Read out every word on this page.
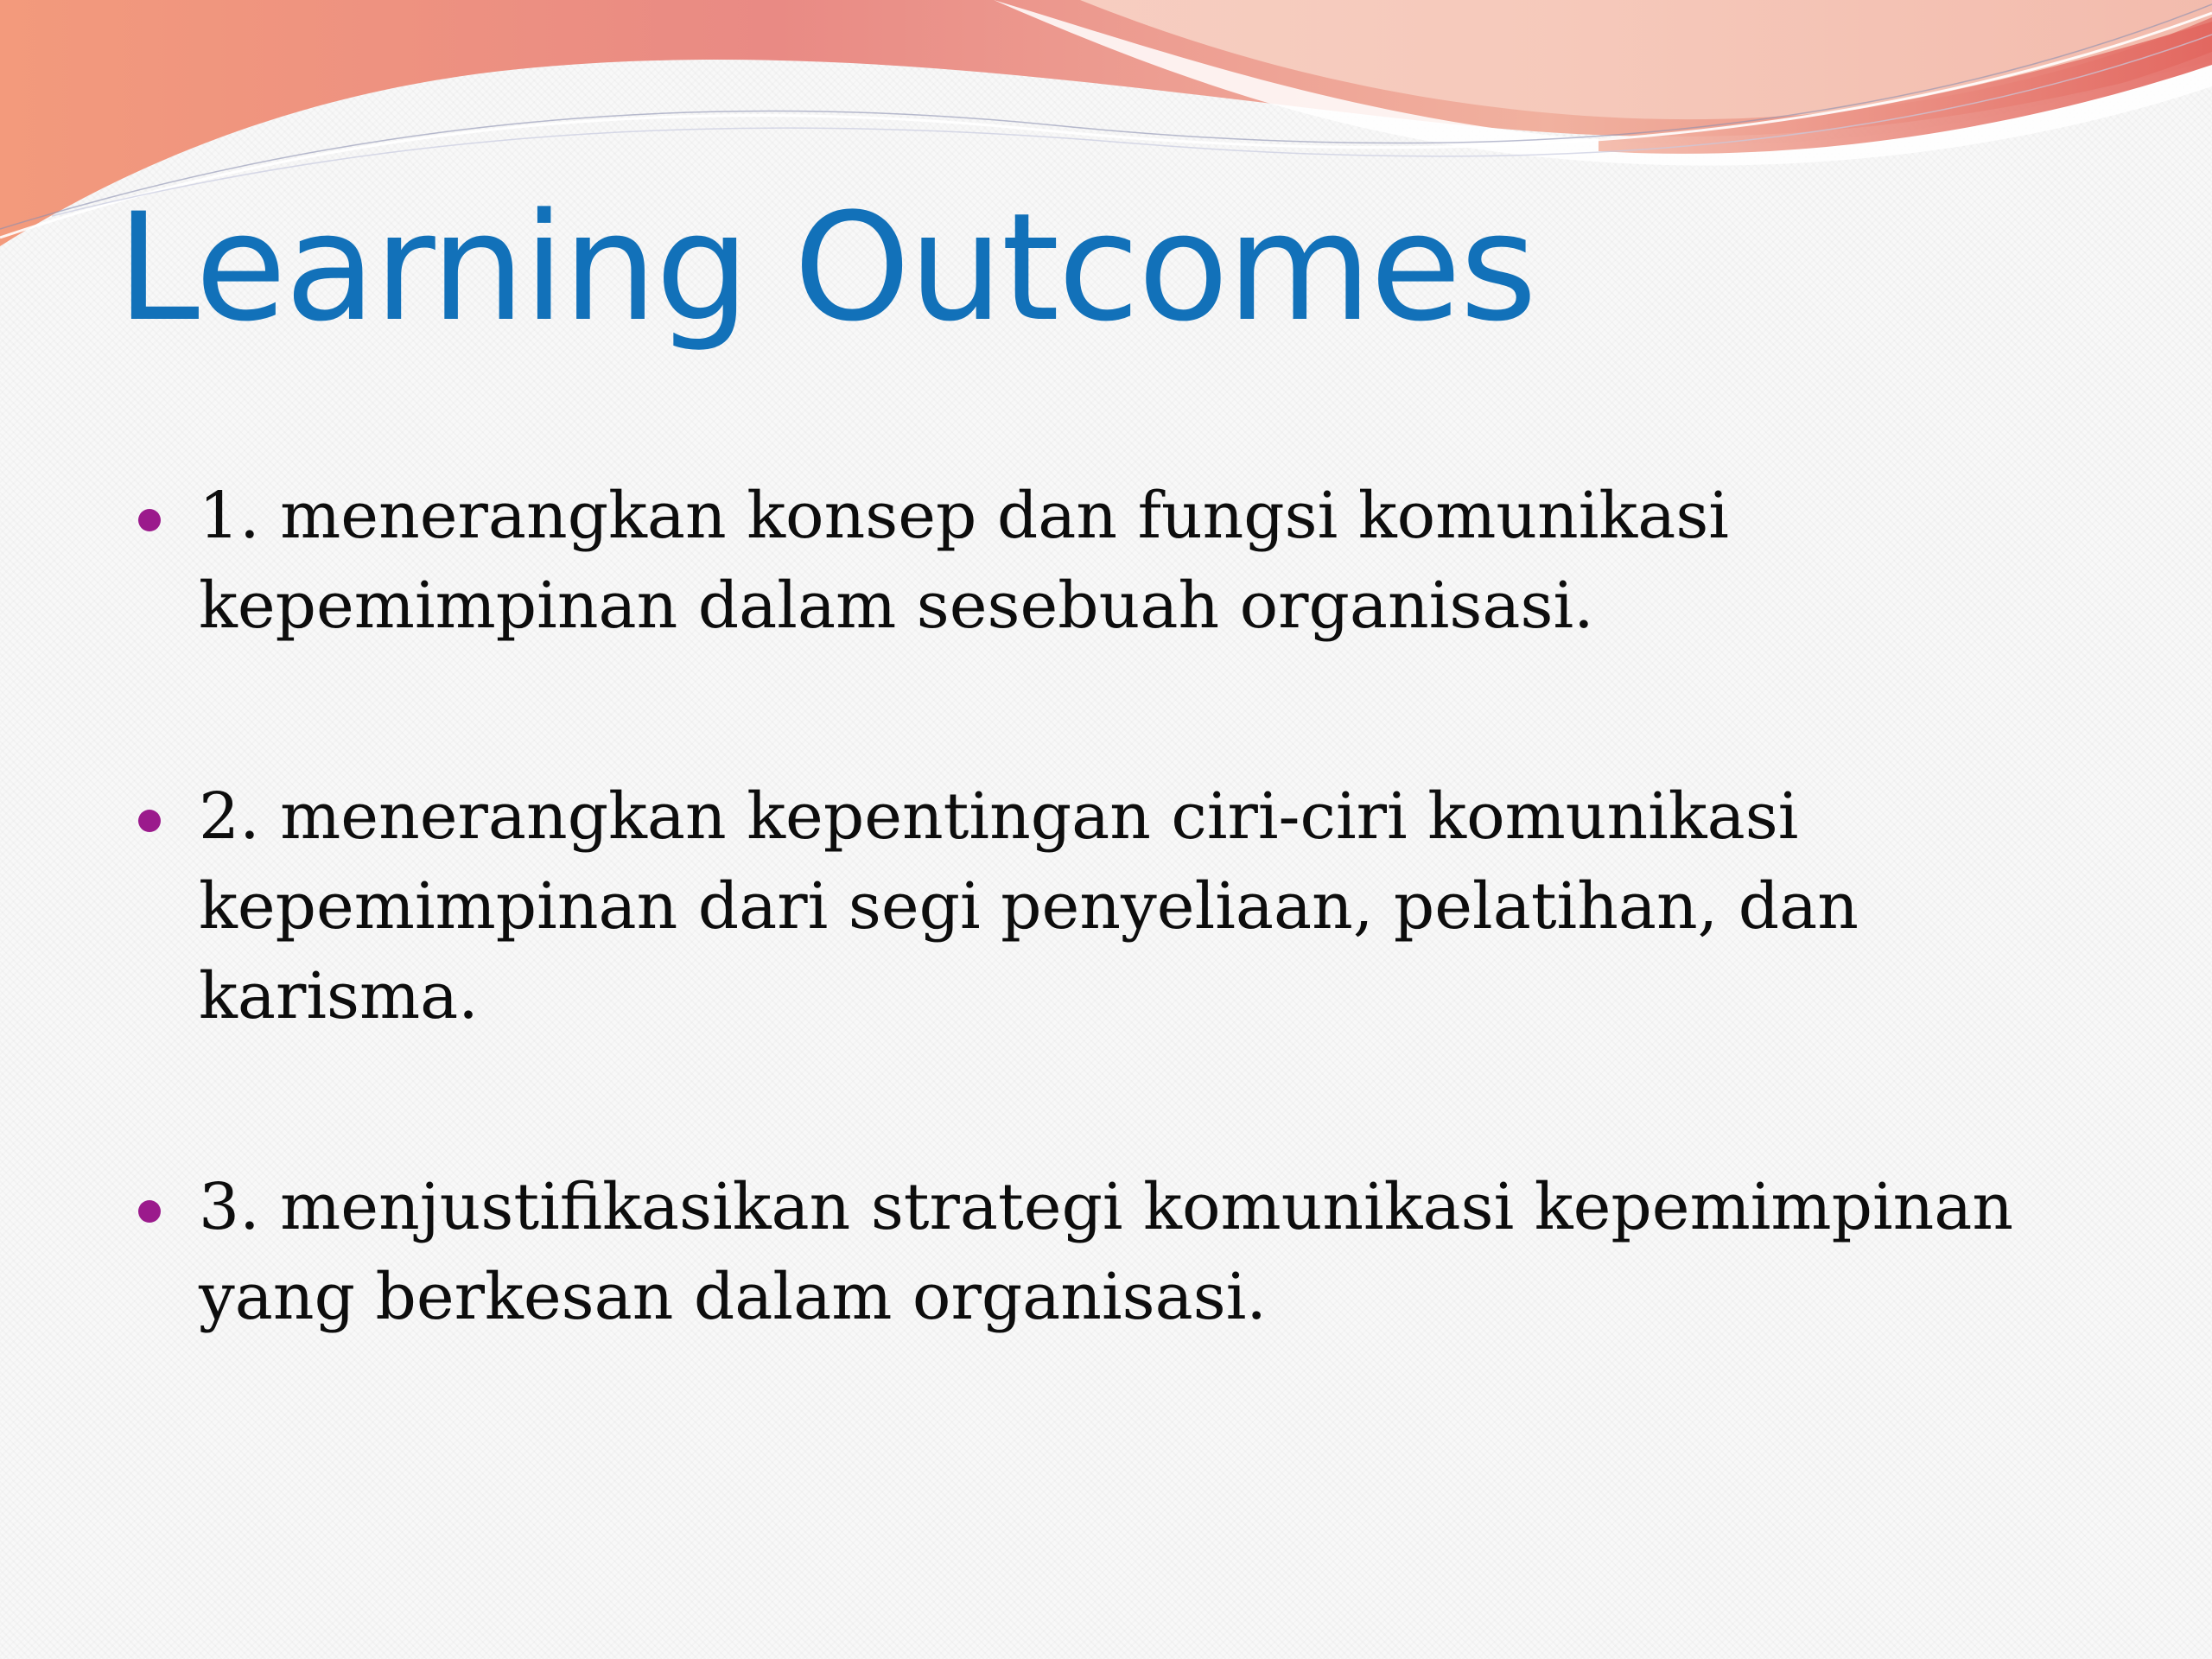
Learning Outcomes
1. menerangkan konsep dan fungsi komunikasi kepemimpinan dalam sesebuah organisasi.
2. menerangkan kepentingan ciri-ciri komunikasi kepemimpinan dari segi penyeliaan, pelatihan, dan karisma.
3. menjustifikasikan strategi komunikasi kepemimpinan yang berkesan dalam organisasi.
